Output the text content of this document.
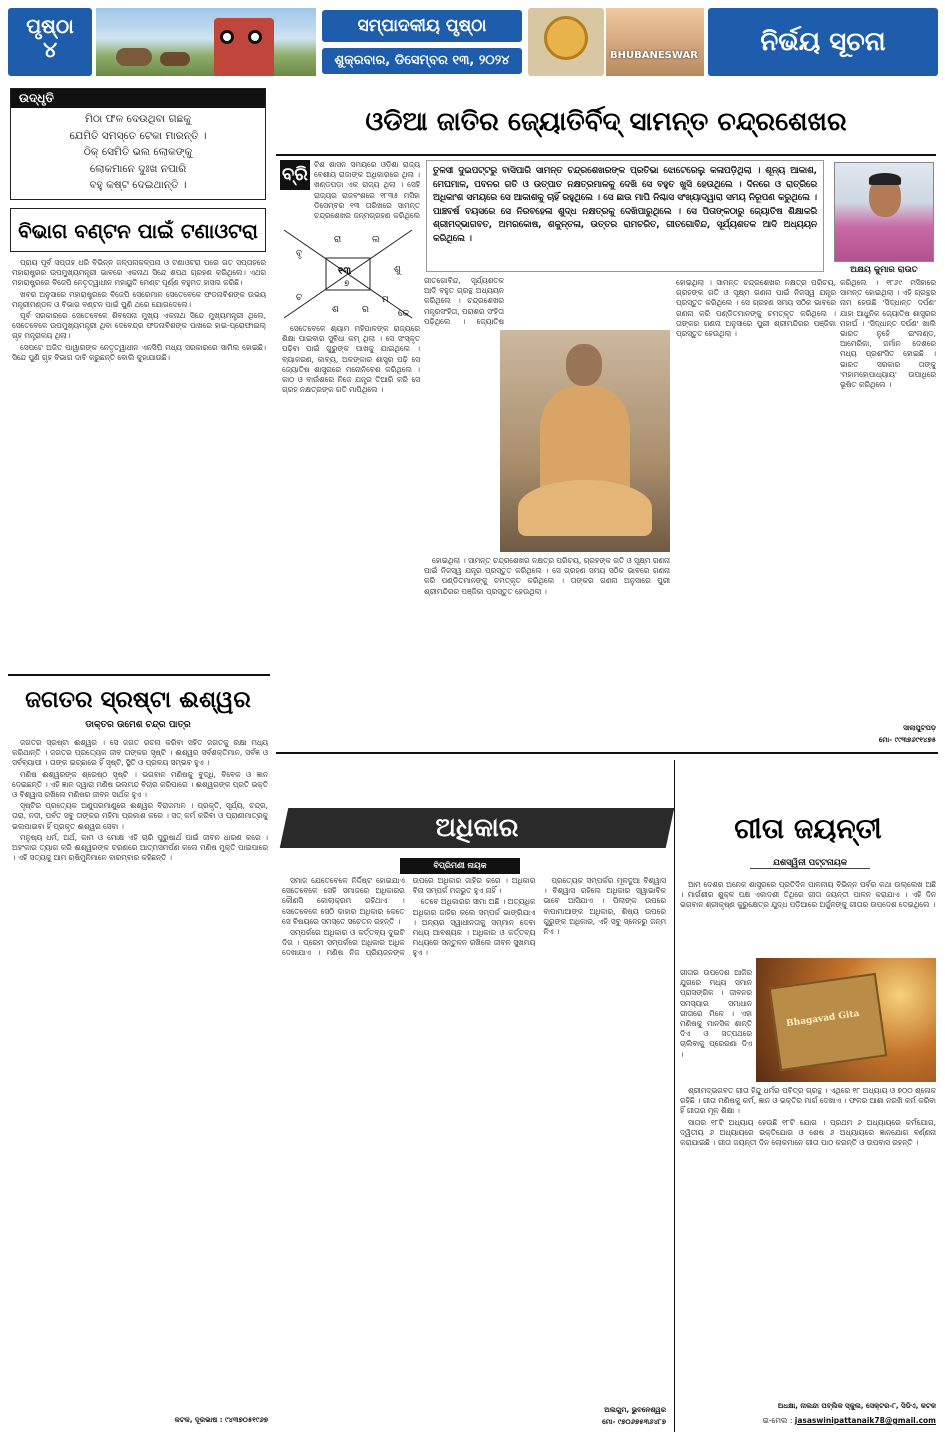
ପୃଷ୍ଠା
୪
ସମ୍ପାଦକୀୟ ପୃଷ୍ଠା
ଶୁକ୍ରବାର, ଡିସେମ୍ବର ୧୩, ୨୦୨୪	BHUBANESWAR	ନିର୍ଭୟ ସୂଚନା
ଉଦ୍ଧୃତି
ମିଠା ଫଳ ଦେଉଥିବା ଗଛକୁ
ଯେମିତି ସମସ୍ତେ ଟେକା ମାରନ୍ତି ।
ଠିକ୍ ସେମିତି ଭଲ ଲୋକଙ୍କୁ
ଲୋକମାନେ ଦୁଃଖ ନପାରି
ବହୁ କଷ୍ଟ ଦେଇଥାନ୍ତି ।
ବିଭାଗ ବଣ୍ଟନ ପାଇଁ ଟଣାଓଟରା

ପ୍ରାୟ ପୂର୍ବ ସପ୍ତାହ ଧରି ବିଭିନ୍ନ ଜଳ୍ପନାକଳ୍ପନା ଓ ଟଣାଓଟରା ପରେ ଗତ ସପ୍ତାହରେ ମହାରାଷ୍ଟ୍ରର ଉପମୁଖ୍ୟମନ୍ତ୍ରୀ ଭାବରେ ଏକନାଥ ସିନ୍ଦେ ଶପଥ ଗ୍ରହଣ କରିଥିଲେ। ଏଥର ମହାରାଷ୍ଟ୍ରରେ ବିଜେପି ନେତୃତ୍ୱାଧୀନ ମହାୟୁତି ମେଣ୍ଟ ପୂର୍ଣ୍ଣ ବହୁମତ ହାସଲ କରିଛି।

ଖବର ଅନୁସାରେ ମହାରାଷ୍ଟ୍ରରେ ବିଜେପି ସେରେମାନ ସେତେବେଳେ ଫଡନାବିଶଙ୍କ ଉଭୟ ମନ୍ତ୍ରୀମଣ୍ଡଳ ଓ ବିଭାଗ ବଣ୍ଟନ ପାଇଁ ପୁଣି ଥରେ ଯୋଗଦେଲେ।

ପୂର୍ବ ସରକାରରେ ସେତେବେଳେ ଶିବସେନା ମୁଖ୍ୟ ଏକନାଥ ସିନ୍ଦେ ମୁଖ୍ୟମନ୍ତ୍ରୀ ଥିଲେ, ସେତେବେଳେ ଉପମୁଖ୍ୟମନ୍ତ୍ରୀ ଥିବା ଦେବେନ୍ଦ୍ର ଫଡନାବିଶଙ୍କ ପାଖରେ ହାଇ-ପ୍ରୋଫାଇଲ୍ ଗୃହ ମନ୍ତ୍ରାଳୟ ଥିଲା।

ସେପଟେ ଅଜିତ ପାୱାରଙ୍କ ନେତୃତ୍ୱାଧୀନ ଏନସିପି ମଧ୍ୟ ସରକାରରେ ସାମିଲ ହୋଇଛି। ସିନ୍ଦେ ପୁଣି ଗୃହ ବିଭାଗ ଦାବି କରୁଛନ୍ତି ବୋଲି କୁହାଯାଉଛି।

ଓଡିଆ ଜାତିର ଜ୍ୟୋତିର୍ବିଦ୍ ସାମନ୍ତ ଚନ୍ଦ୍ରଶେଖର
ବ୍ରି ଟିଶ ଶାସନ ସମୟରେ ଓଡ଼ିଶା ରାଜ୍ୟ ବେଶୀୟ ରାଜାଙ୍କ ଅଧିକାରରେ ଥିଲା । ଖଣ୍ଡପଡ଼ା ଏକ ରାଜ୍ୟ ଥିଲା । ସେହି ରାଜ୍ୟର ରାଜବଂଶରେ ୧୮୩୫ ମସିହା ଡିସେମ୍ବର ୧୩ ତାରିଖରେ ସାମନ୍ତ ଚନ୍ଦ୍ରଶେଖର ଜନ୍ମଗ୍ରହଣ କରିଥିଲେ

ତୁଳସୀ ଦୁଇପଟ୍ଟରୁ ବାସିପାରି ସାମନ୍ତ ଚନ୍ଦ୍ରଶେଖରଙ୍କ ପ୍ରତିଭା ଝୋଟେରେଲୁ କଳାପଡ଼ିଥିଲା । ଶୂନ୍ୟ ଆକାଶ, ମେଘମାଳ, ପବନର ଗତି ଓ ଉତ୍ପାତ ନକ୍ଷତ୍ରମାଳକୁ ଦେଖି ସେ ବହୁତ ଖୁସି ହେଉଥିଲେ । ଦିନରେ ଓ ରାତ୍ରିରେ ଅଧିକାଂଶ ସମୟରେ ସେ ଆକାଶକୁ ଚାହିଁ ରହୁଥିଲେ । ସେ ଛାଉ ମାପି ନିଶ୍ଚାସ ସଂଖ୍ୟାଦ୍ୱାରା ସମୟ ନିରୂପଣ କରୁଥିଲେ । ପାଞ୍ଚବର୍ଷ ବୟସରେ ସେ ନିରବହେଳା ଶୁଦ୍ଧ ନକ୍ଷତ୍ରକୁ ଦେଖିପାରୁଥିଲେ । ସେ ପିତାଙ୍କଠାରୁ ଜ୍ୟୋତିଷ ଶିକ୍ଷାକରି ଶ୍ରୀମଦ୍ଭାଗବତ, ଅମରକୋଷ, ଶକୁନ୍ତଳା, ଉତ୍ତର ରାମଚରିତ, ଗୀତଗୋବିନ୍ଦ, ସୂର୍ଯ୍ୟଶତକ ଆଦି ଅଧ୍ୟୟନ କରିଥିଲେ ।
ରା
ବୃ
ଲ
୧୩
୭
ଶୁ
ଚ
ଶ	ର
ମ
କେ
ଅକ୍ଷୟ କୁମାର ରାଉତ

ସେତେବେଳେ ଶ୍ୟାମ ମହିପାଳଙ୍କ ରାଜ୍ୟରେ ଶିକ୍ଷା ପାଇବାର ସୁବିଧା କମ୍ ଥିଲା । ସେ ସଂସ୍କୃତ ପଢ଼ିବା ପାଇଁ ଗୁରୁଙ୍କ ପାଖକୁ ଯାଇଥିଲେ । ବ୍ୟାକରଣ, କାବ୍ୟ, ଅଳଙ୍କାର ଶାସ୍ତ୍ର ପଢ଼ି ସେ ଜ୍ୟୋତିଷ ଶାସ୍ତ୍ରରେ ମନୋନିବେଶ କରିଥିଲେ । କାଠ ଓ ବାଉଁଶରେ ନିଜେ ଯନ୍ତ୍ର ତିଆରି କରି ସେ ଗ୍ରହ ନକ୍ଷତ୍ରଙ୍କ ଗତି ମାପିଥିଲେ ।

ଗୀତଗୋବିନ୍ଦ, ସୂର୍ଯ୍ୟଶତକ ଆଦି ବହୁତ ଗ୍ରନ୍ଥ ଅଧ୍ୟୟନ କରିଥିଲେ । ଚନ୍ଦ୍ରଶେଖର ମନ୍ତ୍ରସଂହିତା, ପରାଶର ସଂହିତା ପଢ଼ିଥିଲେ । ଜ୍ୟୋତିଷ

ହୋଇଥିଲା । ସାମନ୍ତ ଚନ୍ଦ୍ରଶେଖର ନକ୍ଷତ୍ର ପରିଚୟ, ଗ୍ରହଙ୍କ ଗତି ଓ ସୂକ୍ଷ୍ମ ଗଣନା ପାଇଁ ନିଜସ୍ୱ ଯନ୍ତ୍ର ପ୍ରସ୍ତୁତ କରିଥିଲେ । ସେ ଗ୍ରହଣ ସମୟ ସଠିକ ଭାବରେ ଗଣନା କରି ପଣ୍ଡିତମାନଙ୍କୁ ଚମତ୍କୃତ କରିଥିଲେ । ତାଙ୍କର ଗଣନା ଅନୁସାରେ ପୁରୀ ଶ୍ରୀମନ୍ଦିରର ପଞ୍ଜିକା ପ୍ରସ୍ତୁତ ହେଉଥିଲା ।

ହୋଇଥିଲା । ସାମନ୍ତ ଚନ୍ଦ୍ରଶେଖର ନକ୍ଷତ୍ର ପରିଚୟ, ଗ୍ରହଙ୍କ ଗତି ଓ ସୂକ୍ଷ୍ମ ଗଣନା ପାଇଁ ନିଜସ୍ୱ ଯନ୍ତ୍ର ପ୍ରସ୍ତୁତ କରିଥିଲେ । ସେ ଗ୍ରହଣ ସମୟ ସଠିକ ଭାବରେ ଗଣନା କରି ପଣ୍ଡିତମାନଙ୍କୁ ଚମତ୍କୃତ କରିଥିଲେ । ତାଙ୍କର ଗଣନା ଅନୁସାରେ ପୁରୀ ଶ୍ରୀମନ୍ଦିରର ପଞ୍ଜିକା ପ୍ରସ୍ତୁତ ହେଉଥିଲା ।

କରିଥିଲେ । ୧୮୬୯ ମସିହାରେ ସାମନ୍ତ ହୋଇଥିଲା । ଏହି ଗ୍ରନ୍ଥର ନାମ ହେଉଛି 'ସିଦ୍ଧାନ୍ତ ଦର୍ପଣ' ଯାହା ଆଧୁନିକ ଜ୍ୟୋତିଷ ଶାସ୍ତ୍ରର ମହାର୍ଘ । 'ସିଦ୍ଧାନ୍ତ ଦର୍ପଣ' ଖାଲି ଭାରତ ନୁହେଁ ଇଂଲଣ୍ଡ, ଆମେରିକା, ଜର୍ମାନ ଦେଶରେ ମଧ୍ୟ ପ୍ରଶଂସିତ ହୋଇଛି । ଭାରତ ସରକାର ତାଙ୍କୁ 'ମହାମହୋପାଧ୍ୟାୟ' ଉପାଧିରେ ଭୂଷିତ କରିଥିଲେ ।

ସାଲାପୁଟପଡ଼
ମୋ- ୯୯୩୭୬୯୧୪୭୫
ଜଗତର ସ୍ରଷ୍ଟା ଈଶ୍ୱର
ଡାକ୍ତର ଉମେଶ ଚନ୍ଦ୍ର ପାତ୍ର

ଜଗତର ସ୍ରଷ୍ଟା ଈଶ୍ୱର । ସେ ଜଗତ ରଚନା କରିବା ସହିତ ଜଗତକୁ ରକ୍ଷା ମଧ୍ୟ କରିଥାନ୍ତି । ଜଗତର ପ୍ରତ୍ୟେକ ଜୀବ ତାଙ୍କର ସୃଷ୍ଟି । ଈଶ୍ୱର ସର୍ବଶକ୍ତିମାନ, ସର୍ବଜ୍ଞ ଓ ସର୍ବବ୍ୟାପୀ । ତାଙ୍କ ଇଚ୍ଛାରେ ହିଁ ସୃଷ୍ଟି, ସ୍ଥିତି ଓ ପ୍ରଳୟ ସମ୍ଭବ ହୁଏ ।

ମଣିଷ ଈଶ୍ୱରଙ୍କ ଶ୍ରେଷ୍ଠ ସୃଷ୍ଟି । ଭଗବାନ ମଣିଷକୁ ବୁଦ୍ଧି, ବିବେକ ଓ ଜ୍ଞାନ ଦେଇଛନ୍ତି । ଏହି ଜ୍ଞାନ ଦ୍ୱାରା ମଣିଷ ଭଲମନ୍ଦ ବିଚାର କରିପାରେ । ଈଶ୍ୱରଙ୍କ ପ୍ରତି ଭକ୍ତି ଓ ବିଶ୍ୱାସ ରଖିଲେ ମଣିଷର ଜୀବନ ସାର୍ଥକ ହୁଏ ।

ସୃଷ୍ଟିର ପ୍ରତ୍ୟେକ ଅଣୁପରମାଣୁରେ ଈଶ୍ୱର ବିରାଜମାନ । ପ୍ରକୃତି, ସୂର୍ଯ୍ୟ, ଚନ୍ଦ୍ର, ତାରା, ନଦୀ, ପର୍ବତ ସବୁ ତାଙ୍କର ମହିମା ପ୍ରକାଶ କରେ । ସତ୍ କର୍ମ କରିବା ଓ ପ୍ରାଣୀମାତ୍ରକୁ ଭଲପାଇବା ହିଁ ପ୍ରକୃତ ଈଶ୍ୱର ସେବା ।

ମନୁଷ୍ୟ ଧର୍ମ, ଅର୍ଥ, କାମ ଓ ମୋକ୍ଷ ଏହି ଚାରି ପୁରୁଷାର୍ଥ ପାଇଁ ଜୀବନ ଧାରଣ କରେ । ଅହଂକାର ତ୍ୟାଗ କରି ଈଶ୍ୱରଙ୍କ ଚରଣରେ ଆତ୍ମସମର୍ପଣ କଲେ ମଣିଷ ମୁକ୍ତି ପାଇପାରେ । ଏହି ସତ୍ୟକୁ ଆମ ଋଷିମୁନିମାନେ ବାରମ୍ବାର କହିଛନ୍ତି ।

କଟକ, ଦୂରଭାଷ : ୯୪୩୭୦୫୧୯୬୭
ଅଧିକାର
ବିପ୍ରିମଣୀ ନାୟକ

ସମାଜ ଯେତେବେଳେ ନିର୍ଦ୍ଦିଷ୍ଟ ହୋଇଯାଏ ସେତେବେଳେ ସେହି ସମାଜରେ ଅଧିକାରର କୌଣସି କୋଲାକ୍ରମ ରହିଥାଏ । ସେତେବେଳେ ସେଠି କାହାର ଅଧିକାର କେତେ ସେ ବିଷୟରେ ସମସ୍ତେ ସଚେତନ ରହନ୍ତି ।

ସମ୍ପର୍କରେ ଅଧିକାର ଓ କର୍ତ୍ତବ୍ୟ ଦୁଇଟି ଦିଗ । ପ୍ରେମ ସମ୍ପର୍କରେ ଅଧିକାର ଅଧିକ ଦେଖାଯାଏ । ମଣିଷ ନିଜ ପ୍ରିୟଜନଙ୍କ ଉପରେ ଅଧିକାର ଜାହିର କରେ । ଅଧିକାର ବିନା ସମ୍ପର୍କ ମଜଭୁତ ହୁଏ ନାହିଁ ।

ତେବେ ଅଧିକାରର ସୀମା ଅଛି । ଅତ୍ୟଧିକ ଅଧିକାର ଜାହିର କଲେ ସମ୍ପର୍କ ଭାଙ୍ଗିଯାଏ । ଅନ୍ୟର ସ୍ୱାଧୀନତାକୁ ସମ୍ମାନ ଦେବା ମଧ୍ୟ ଆବଶ୍ୟକ । ଅଧିକାର ଓ କର୍ତ୍ତବ୍ୟ ମଧ୍ୟରେ ସନ୍ତୁଳନ ରଖିଲେ ଜୀବନ ସୁଖମୟ ହୁଏ ।

ପ୍ରତ୍ୟେକ ସମ୍ପର୍କର ମୂଳଦୁଆ ବିଶ୍ୱାସ । ବିଶ୍ୱାସ ରହିଲେ ଅଧିକାର ସ୍ୱାଭାବିକ ଭାବେ ଆସିଯାଏ । ପିଲାଙ୍କ ଉପରେ ବାପାମାଆଙ୍କ ଅଧିକାର, ଶିଷ୍ୟ ଉପରେ ଗୁରୁଙ୍କ ଅଧିକାର, ଏହି ସବୁ ସ୍ନେହରୁ ଜନ୍ମ ନିଏ ।

ଅଲଗୁମ, ଭୁବନେଶ୍ୱର
ମୋ- ୯୭୦୬୭୫୩୬୪୮୭
ଗୀତା ଜୟନ୍ତୀ
ଯଶସ୍ୱିନୀ ପଟ୍ଟନାୟକ

ଆମ ଦେଶର ଅନେକ ଶାସ୍ତ୍ରରେ ପ୍ରତିଦିନ ପାଳନୀୟ ବିଭିନ୍ନ ପର୍ବର କଥା ଉଲ୍ଲେଖ ଅଛି । ମାର୍ଗଶୀର ଶୁକ୍ଳ ପକ୍ଷ ଏକାଦଶୀ ତିଥିରେ ଗୀତା ଜୟନ୍ତୀ ପାଳନ କରାଯାଏ । ଏହି ଦିନ ଭଗବାନ ଶ୍ରୀକୃଷ୍ଣ କୁରୁକ୍ଷେତ୍ର ଯୁଦ୍ଧ ପଡ଼ିଆରେ ଅର୍ଜୁନଙ୍କୁ ଗୀତାର ଉପଦେଶ ଦେଇଥିଲେ ।

Bhagavad Gita

ଗୀତାର ଉପଦେଶ ଆଜିର ଯୁଗରେ ମଧ୍ୟ ସମାନ ପ୍ରାସଙ୍ଗିକ । ଜୀବନର ସମସ୍ୟାର ସମାଧାନ ଗୀତାରେ ମିଳେ । ଏହା ମଣିଷକୁ ମାନସିକ ଶାନ୍ତି ଦିଏ ଓ ସତ୍ପଥରେ ଚାଲିବାକୁ ପ୍ରେରଣା ଦିଏ ।

ଶ୍ରୀମଦ୍ଭଗବତ ଗୀତା ହିନ୍ଦୁ ଧର୍ମର ପବିତ୍ର ଗ୍ରନ୍ଥ । ଏଥିରେ ୧୮ ଅଧ୍ୟାୟ ଓ ୭୦୦ ଶ୍ଳୋକ ରହିଛି । ଗୀତା ମଣିଷକୁ କର୍ମ, ଜ୍ଞାନ ଓ ଭକ୍ତିର ମାର୍ଗ ଦେଖାଏ । ଫଳର ଆଶା ନରଖି କର୍ମ କରିବା ହିଁ ଗୀତାର ମୂଳ ଶିକ୍ଷା ।

ସାତାର ୧୮ଟି ଅଧ୍ୟାୟ ହେଉଛି ୧୮ଟି ଯୋଗ । ପ୍ରଥମ ୬ ଅଧ୍ୟାୟରେ କର୍ମଯୋଗ, ଦ୍ୱିତୀୟ ୬ ଅଧ୍ୟାୟରେ ଭକ୍ତିଯୋଗ ଓ ଶେଷ ୬ ଅଧ୍ୟାୟରେ ଜ୍ଞାନଯୋଗ ବର୍ଣ୍ଣନା କରାଯାଇଛି । ଗୀତା ଜୟନ୍ତୀ ଦିନ ଲୋକମାନେ ଗୀତା ପାଠ କରନ୍ତି ଓ ଉପବାସ ରହନ୍ତି ।

ଅଧକ୍ଷା, ନାଲନ୍ଦା ପବ୍ଲିକ ସ୍କୁଲ, ସେକ୍ଟର-୮, ସିଡିଏ, କଟକ
ଇ-ମେଲ : jasaswinipattanaik78@gmail.com
